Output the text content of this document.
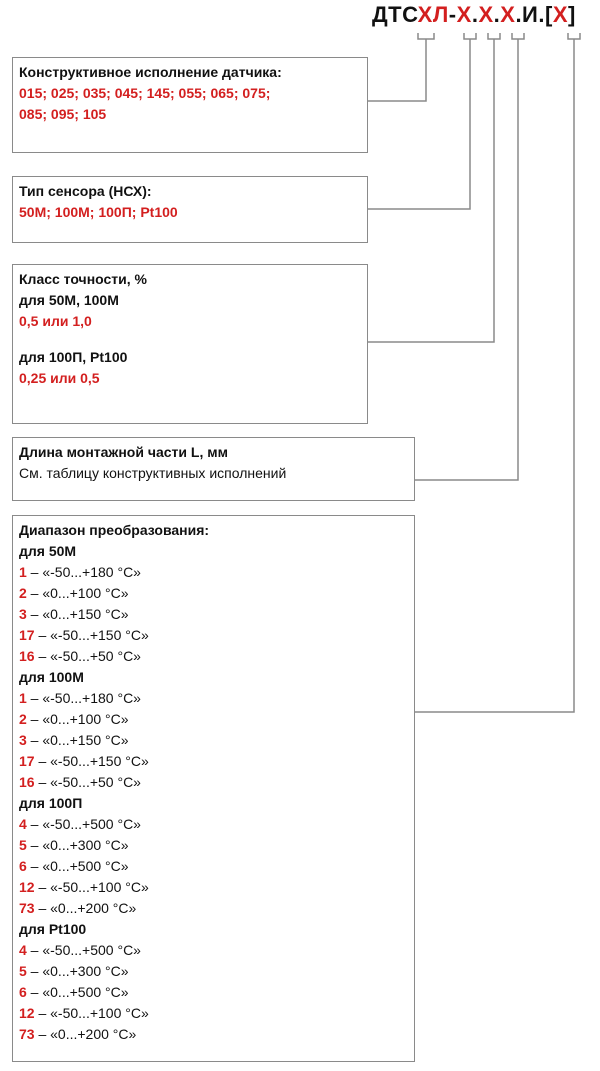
ДТСХЛ-Х.Х.Х.И.[Х]
Конструктивное исполнение датчика:
015; 025; 035; 045; 145; 055; 065; 075;
085; 095; 105
Тип сенсора (НСХ):
50М; 100М; 100П; Pt100
Класс точности, %
для 50М, 100М
0,5 или 1,0
для 100П, Pt100
0,25 или 0,5
Длина монтажной части L, мм
См. таблицу конструктивных исполнений
Диапазон преобразования:
для 50М
1 – «-50...+180 °С»
2 – «0...+100 °С»
3 – «0...+150 °С»
17 – «-50...+150 °С»
16 – «-50...+50 °С»
для 100М
1 – «-50...+180 °С»
2 – «0...+100 °С»
3 – «0...+150 °С»
17 – «-50...+150 °С»
16 – «-50...+50 °С»
для 100П
4 – «-50...+500 °С»
5 – «0...+300 °С»
6 – «0...+500 °С»
12 – «-50...+100 °С»
73 – «0...+200 °С»
для Pt100
4 – «-50...+500 °С»
5 – «0...+300 °С»
6 – «0...+500 °С»
12 – «-50...+100 °С»
73 – «0...+200 °С»
